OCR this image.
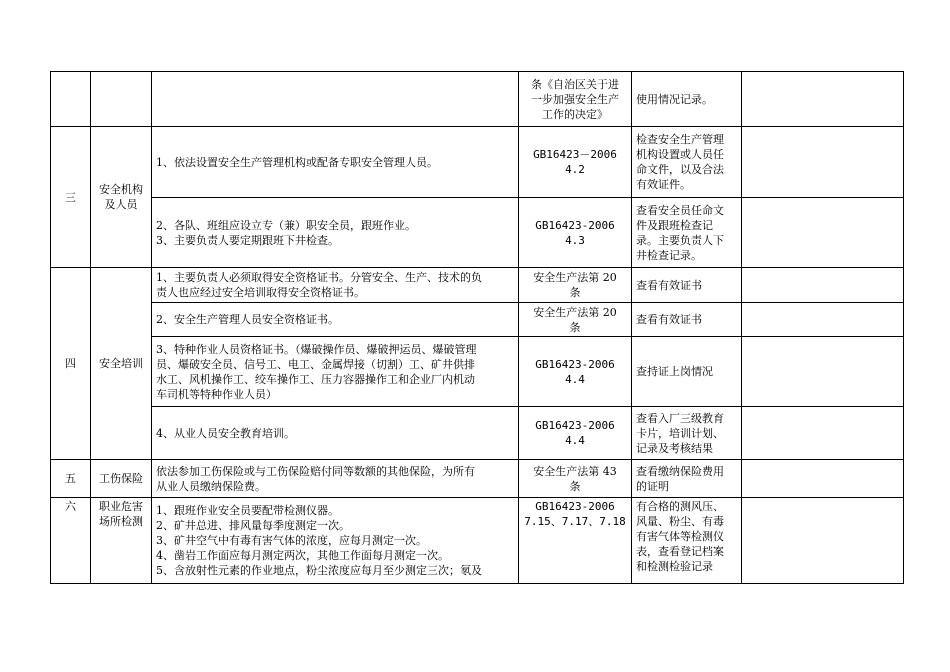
			条《自治区关于进
一步加强安全生产
工作的决定》	使用情况记录。	

三	安全机构
及人员	1、依法设置安全生产管理机构或配备专职安全管理人员。	GB16423－2006
4.2	检查安全生产管理
机构设置或人员任
命文件，以及合法
有效证件。	

		2、各队、班组应设立专（兼）职安全员，跟班作业。
3、主要负责人要定期跟班下井检查。	GB16423-2006
4.3	查看安全员任命文
件及跟班检查记
录。主要负责人下
井检查记录。	

四	安全培训	1、主要负责人必须取得安全资格证书。分管安全、生产、技术的负
责人也应经过安全培训取得安全资格证书。	安全生产法第 20
条	查看有效证书	

		2、安全生产管理人员安全资格证书。	安全生产法第 20
条	查看有效证书	

		3、特种作业人员资格证书。（爆破操作员、爆破押运员、爆破管理
员、爆破安全员、信号工、电工、金属焊接（切割）工、矿井供排
水工、风机操作工、绞车操作工、压力容器操作工和企业厂内机动
车司机等特种作业人员）	GB16423-2006
4.4	查持证上岗情况	

		4、从业人员安全教育培训。	GB16423-2006
4.4	查看入厂三级教育
卡片，培训计划、
记录及考核结果	

五	工伤保险	依法参加工伤保险或与工伤保险赔付同等数额的其他保险，为所有
从业人员缴纳保险费。	安全生产法第 43
条	查看缴纳保险费用
的证明	

六	职业危害
场所检测	1、跟班作业安全员要配带检测仪器。
2、矿井总进、排风量每季度测定一次。
3、矿井空气中有毒有害气体的浓度，应每月测定一次。
4、凿岩工作面应每月测定两次，其他工作面每月测定一次。
5、含放射性元素的作业地点，粉尘浓度应每月至少测定三次；氡及	GB16423-2006
7.15、7.17、7.18	有合格的测风压、
风量、粉尘、有毒
有害气体等检测仪
表，查看登记档案
和检测检验记录	
